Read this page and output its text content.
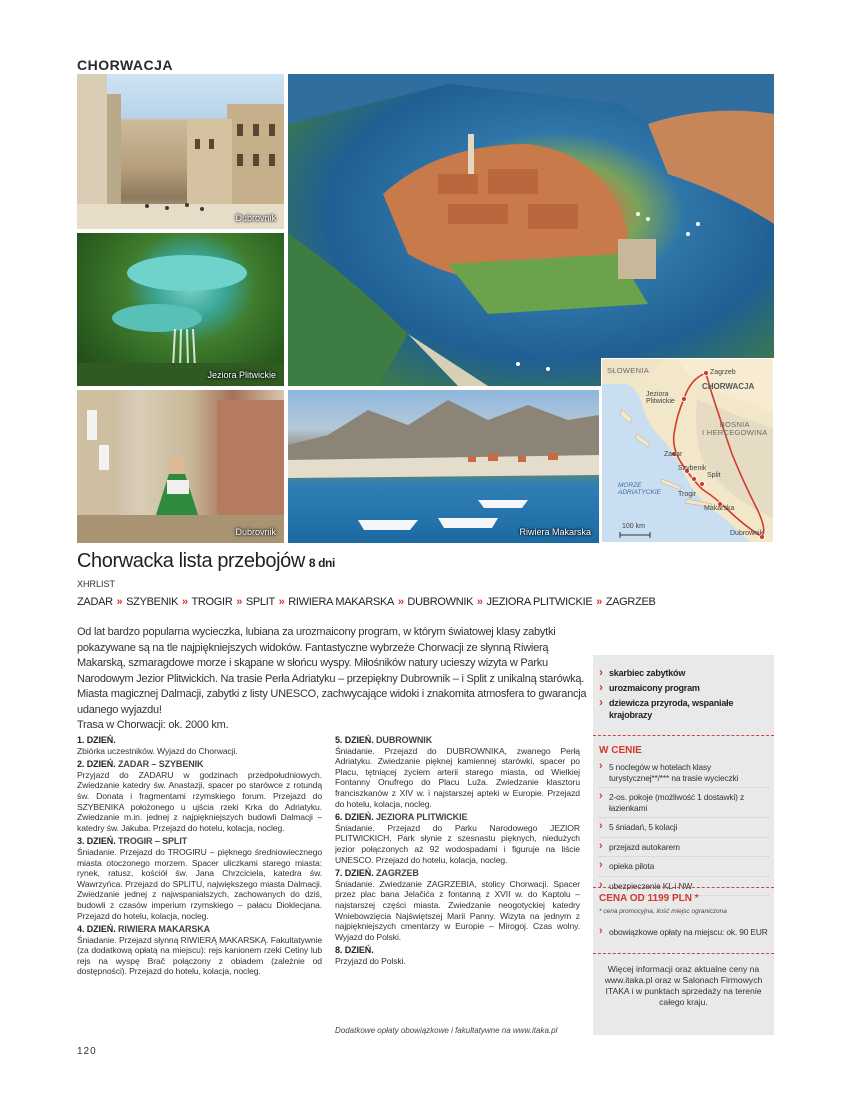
CHORWACJA
Dubrovnik
Jeziora Plitwickie
Dubrovnik	Riwiera Makarska
SŁOWENIA
CHORWACJA
BOSNIA
I HERCEGOWINA
MORZE
ADRIATYCKIE
Zagrzeb
Jeziora Plitwickie
Zadar
Szybenik
Split
Trogir
Makarska
Dubrownik
100 km
Chorwacka lista przebojów 8 dni
XHRLIST
ZADAR » SZYBENIK » TROGIR » SPLIT » RIWIERA MAKARSKA » DUBROWNIK » JEZIORA PLITWICKIE » ZAGRZEB
Od lat bardzo popularna wycieczka, lubiana za urozmaicony program, w którym światowej klasy zabytki pokazywane są na tle najpiękniejszych widoków. Fantastyczne wybrzeże Chorwacji ze słynną Riwierą Makarską, szmaragdowe morze i skąpane w słońcu wyspy. Miłośników natury ucieszy wizyta w Parku Narodowym Jezior Plitwickich. Na trasie Perła Adriatyku – przepiękny Dubrownik – i Split z unikalną starówką. Miasta magicznej Dalmacji, zabytki z listy UNESCO, zachwycające widoki i znakomita atmosfera to gwarancja udanego wyjazdu!
Trasa w Chorwacji: ok. 2000 km.
1. DZIEŃ.
Zbiórka uczestników. Wyjazd do Chorwacji.
2. DZIEŃ. ZADAR – SZYBENIK
Przyjazd do ZADARU w godzinach przedpołudniowych. Zwiedzanie katedry św. Anastazji, spacer po starówce z rotundą św. Donata i fragmentami rzymskiego forum. Przejazd do SZYBENIKA położonego u ujścia rzeki Krka do Adriatyku. Zwiedzanie m.in. jednej z najpiękniejszych budowli Dalmacji – katedry św. Jakuba. Przejazd do hotelu, kolacja, nocleg.
3. DZIEŃ. TROGIR – SPLIT
Śniadanie. Przejazd do TROGIRU – pięknego średniowiecznego miasta otoczonego morzem. Spacer uliczkami starego miasta: rynek, ratusz, kościół św. Jana Chrzciciela, katedra św. Wawrzyńca. Przejazd do SPLITU, największego miasta Dalmacji. Zwiedzanie jednej z najwspanialszych, zachowanych do dziś, budowli z czasów imperium rzymskiego – pałacu Dioklecjana. Przejazd do hotelu, kolacja, nocleg.
4. DZIEŃ. RIWIERA MAKARSKA
Śniadanie. Przejazd słynną RIWIERĄ MAKARSKĄ. Fakultatywnie (za dodatkową opłatą na miejscu): rejs kanionem rzeki Cetiny lub rejs na wyspę Brač połączony z obiadem (zależnie od dostępności). Przejazd do hotelu, kolacja, nocleg.
5. DZIEŃ. DUBROWNIK
Śniadanie. Przejazd do DUBROWNIKA, zwanego Perłą Adriatyku. Zwiedzanie pięknej kamiennej starówki, spacer po Placu, tętniącej życiem arterii starego miasta, od Wielkiej Fontanny Onufrego do Placu Luža. Zwiedzanie klasztoru franciszkanów z XIV w. i najstarszej apteki w Europie. Przejazd do hotelu, kolacja, nocleg.
6. DZIEŃ. JEZIORA PLITWICKIE
Śniadanie. Przejazd do Parku Narodowego JEZIOR PLITWICKICH. Park słynie z szesnastu pięknych, niedużych jezior połączonych aż 92 wodospadami i figuruje na liście UNESCO. Przejazd do hotelu, kolacja, nocleg.
7. DZIEŃ. ZAGRZEB
Śniadanie. Zwiedzanie ZAGRZEBIA, stolicy Chorwacji. Spacer przez plac bana Jelačića z fontanną z XVII w. do Kaptolu – najstarszej części miasta. Zwiedzanie neogotyckiej katedry Wniebowzięcia Najświętszej Marii Panny. Wizyta na jednym z najpiękniejszych cmentarzy w Europie – Mirogoj. Czas wolny. Wyjazd do Polski.
8. DZIEŃ.
Przyjazd do Polski.
Dodatkowe opłaty obowiązkowe i fakultatywne na www.itaka.pl
120
› skarbiec zabytków
› urozmaicony program
› dziewicza przyroda, wspaniałe krajobrazy
W CENIE
› 5 noclegów w hotelach klasy turystycznej**/*** na trasie wycieczki
› 2-os. pokoje (możliwość 1 dostawki) z łazienkami
› 5 śniadań, 5 kolacji
› przejazd autokarem
› opieka pilota
› ubezpieczenie KL i NW
CENA OD 1199 PLN *
* cena promocyjna, ilość miejsc ograniczona
› obowiązkowe opłaty na miejscu: ok. 90 EUR
Więcej informacji oraz aktualne ceny na www.itaka.pl oraz w Salonach Firmowych ITAKA i w punktach sprzedaży na terenie całego kraju.
